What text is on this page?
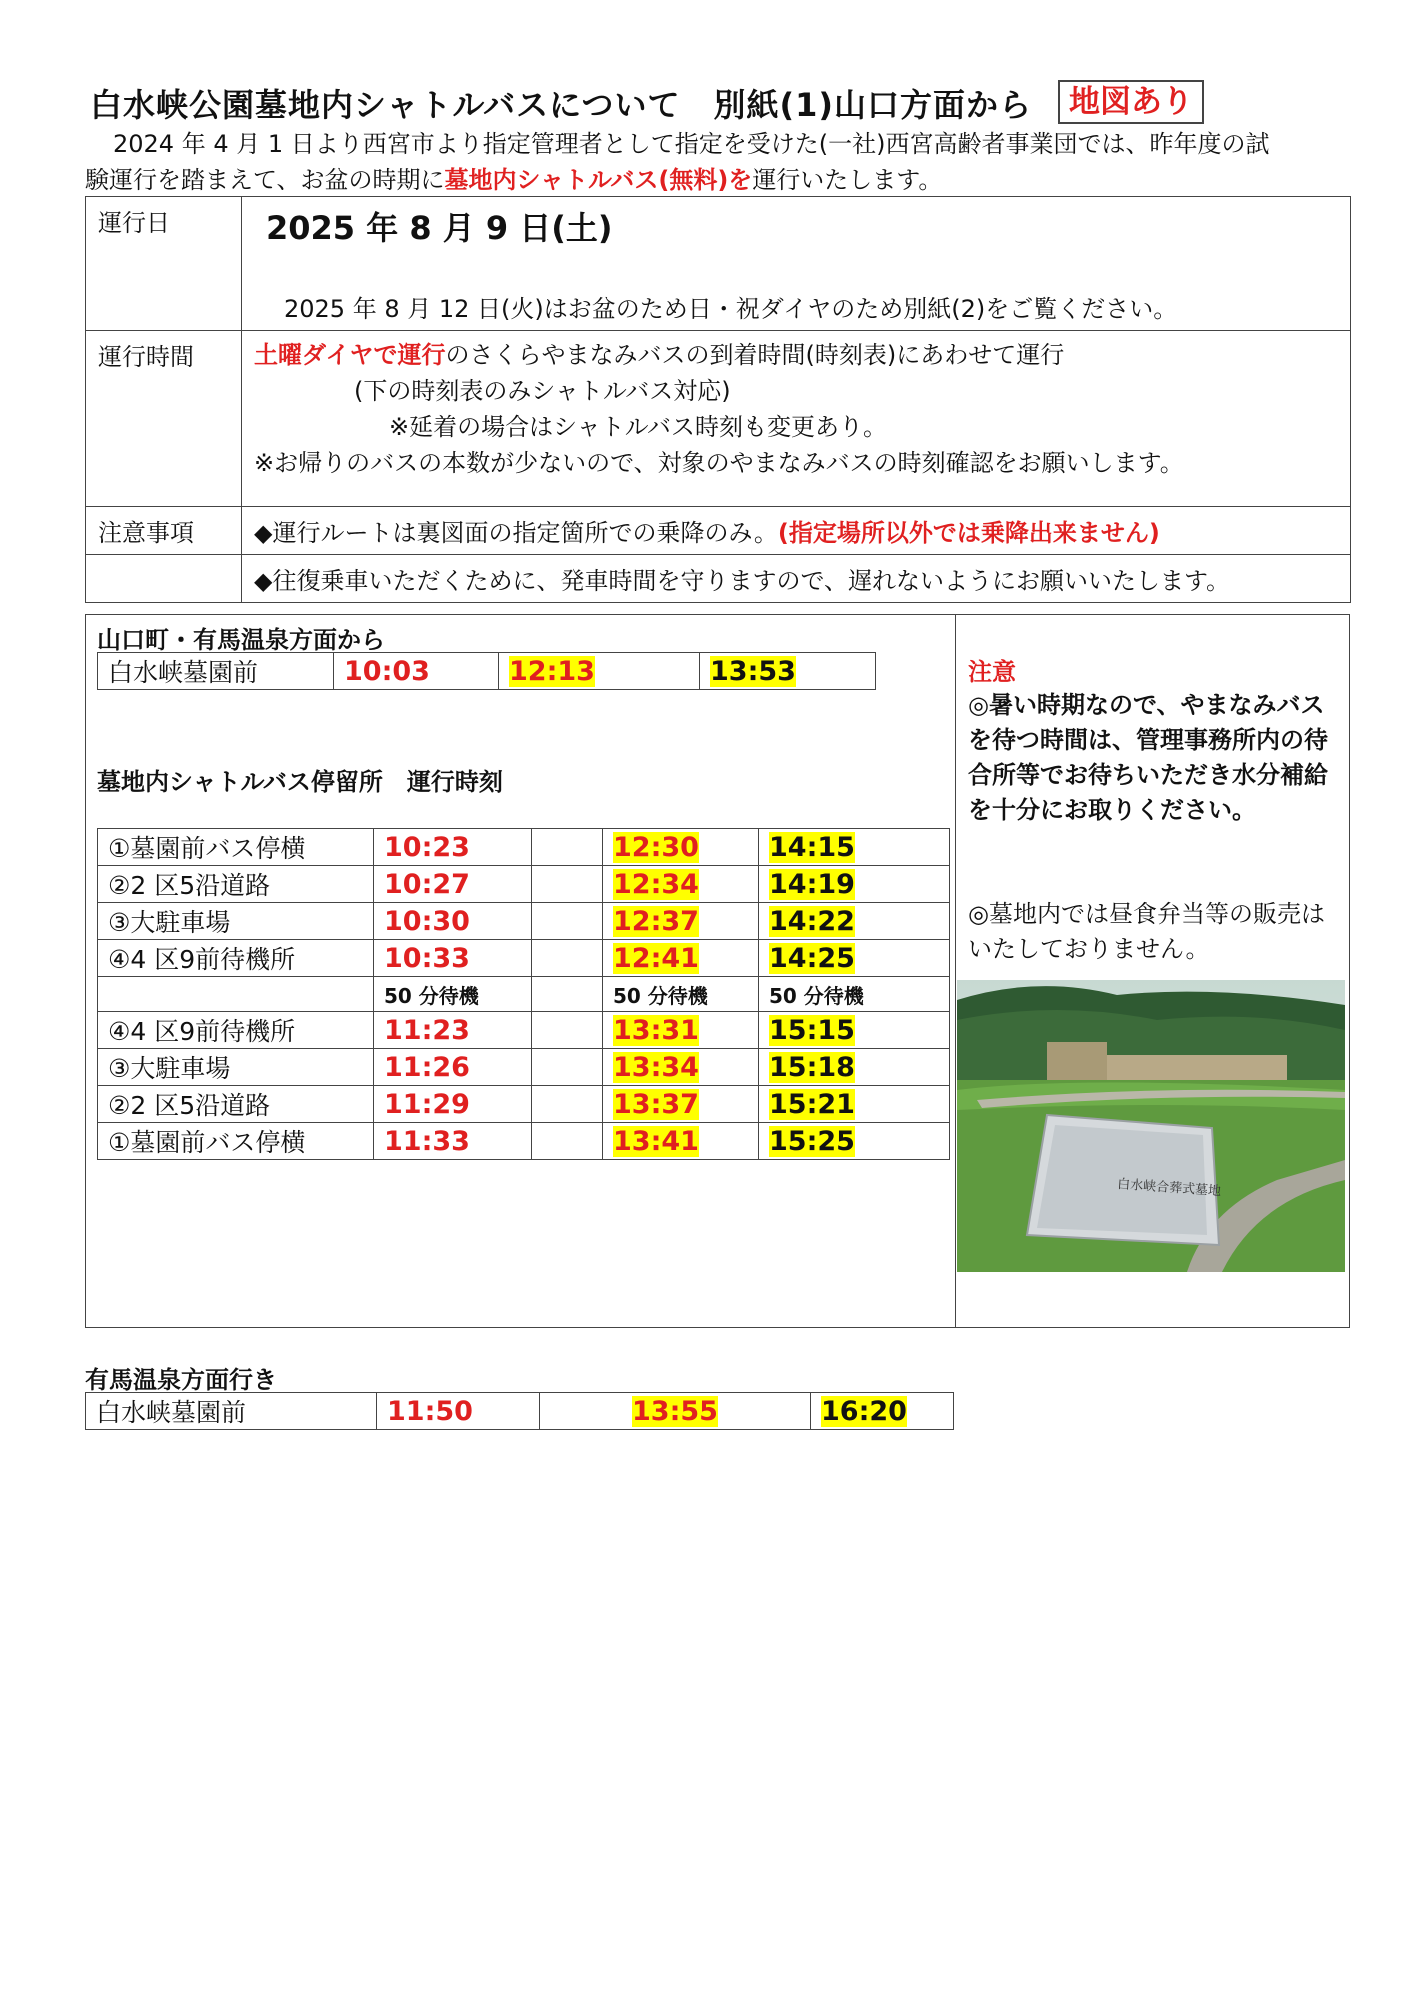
白水峡公園墓地内シャトルバスについて　別紙(1)山口方面から	地図あり

2024 年 4 月 1 日より西宮市より指定管理者として指定を受けた(一社)西宮高齢者事業団では、昨年度の試

験運行を踏まえて、お盆の時期に墓地内シャトルバス(無料)を運行いたします。

運行日	2025 年 8 月 9 日(土)
2025 年 8 月 12 日(火)はお盆のため日・祝ダイヤのため別紙(2)をご覧ください。

運行時間	土曜ダイヤで運行のさくらやまなみバスの到着時間(時刻表)にあわせて運行
(下の時刻表のみシャトルバス対応)
※延着の場合はシャトルバス時刻も変更あり。
※お帰りのバスの本数が少ないので、対象のやまなみバスの時刻確認をお願いします。

注意事項	◆運行ルートは裏図面の指定箇所での乗降のみ。(指定場所以外では乗降出来ません)
	◆往復乗車いただくために、発車時間を守りますので、遅れないようにお願いいたします。
山口町・有馬温泉方面から
白水峡墓園前	10:03	12:13	13:53
墓地内シャトルバス停留所　運行時刻
①墓園前バス停横	10:23		12:30	14:15
②2 区5沿道路	10:27		12:34	14:19
③大駐車場	10:30		12:37	14:22
④4 区9前待機所	10:33		12:41	14:25
	50 分待機		50 分待機	50 分待機
④4 区9前待機所	11:23		13:31	15:15
③大駐車場	11:26		13:34	15:18
②2 区5沿道路	11:29		13:37	15:21
①墓園前バス停横	11:33		13:41	15:25
注意
◎暑い時期なので、やまなみバスを待つ時間は、管理事務所内の待合所等でお待ちいただき水分補給を十分にお取りください。
◎墓地内では昼食弁当等の販売はいたしておりません。
白水峡合葬式墓地
有馬温泉方面行き
白水峡墓園前	11:50	13:55	16:20
